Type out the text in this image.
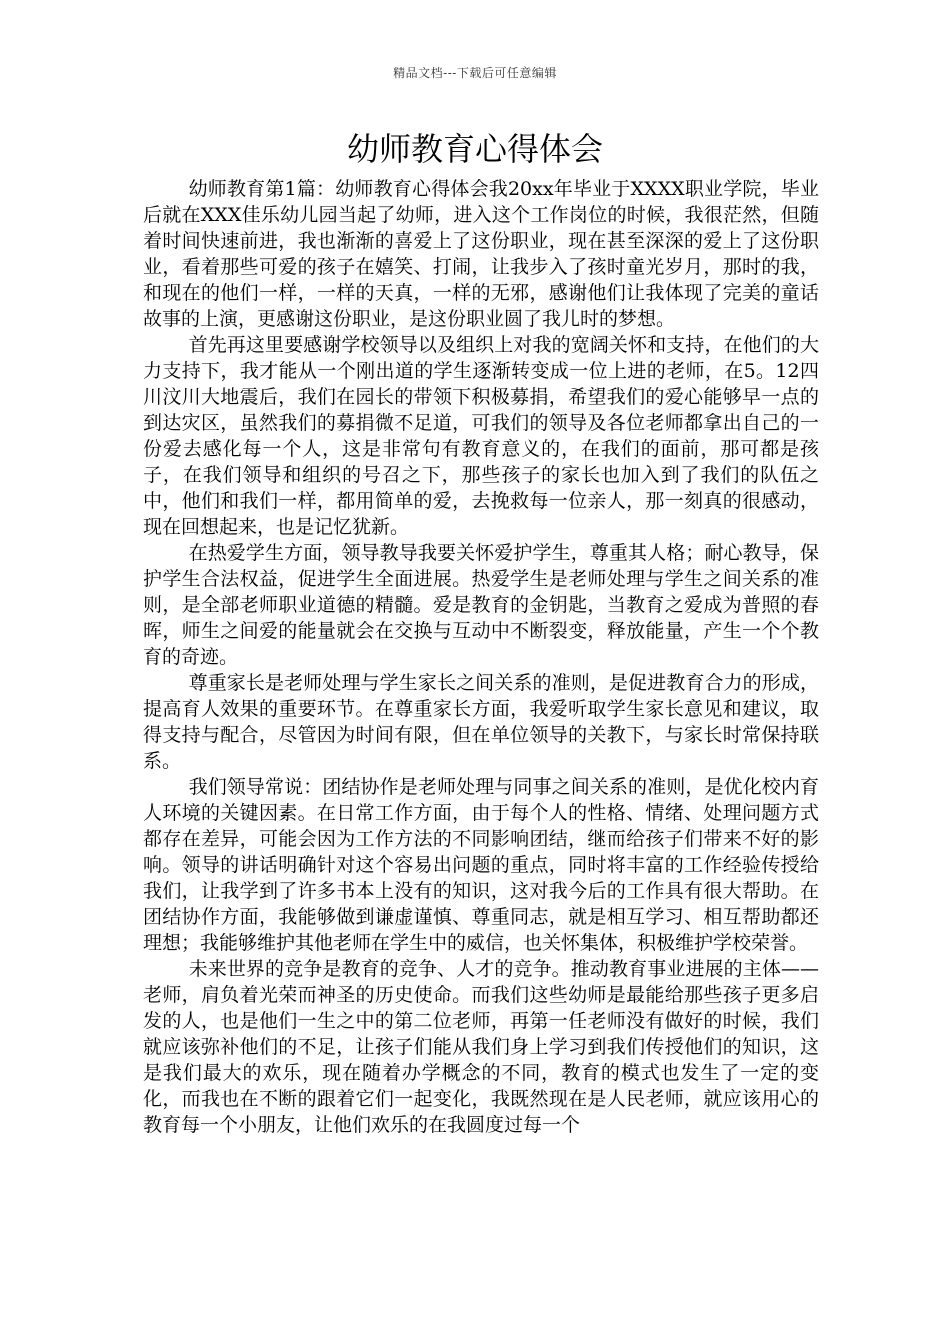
精品文档---下载后可任意编辑
幼师教育心得体会

幼师教育第1篇：幼师教育心得体会我20xx年毕业于XXXX职业学院，毕业后就在XXX佳乐幼儿园当起了幼师，进入这个工作岗位的时候，我很茫然，但随着时间快速前进，我也渐渐的喜爱上了这份职业，现在甚至深深的爱上了这份职业，看着那些可爱的孩子在嬉笑、打闹，让我步入了孩时童光岁月，那时的我，和现在的他们一样，一样的天真，一样的无邪，感谢他们让我体现了完美的童话故事的上演，更感谢这份职业，是这份职业圆了我儿时的梦想。

首先再这里要感谢学校领导以及组织上对我的宽阔关怀和支持，在他们的大力支持下，我才能从一个刚出道的学生逐渐转变成一位上进的老师，在5。12四川汶川大地震后，我们在园长的带领下积极募捐，希望我们的爱心能够早一点的到达灾区，虽然我们的募捐微不足道，可我们的领导及各位老师都拿出自己的一份爱去感化每一个人，这是非常句有教育意义的，在我们的面前，那可都是孩子，在我们领导和组织的号召之下，那些孩子的家长也加入到了我们的队伍之中，他们和我们一样，都用简单的爱，去挽救每一位亲人，那一刻真的很感动，现在回想起来，也是记忆犹新。

在热爱学生方面，领导教导我要关怀爱护学生，尊重其人格；耐心教导，保护学生合法权益，促进学生全面进展。热爱学生是老师处理与学生之间关系的准则，是全部老师职业道德的精髓。爱是教育的金钥匙，当教育之爱成为普照的春晖，师生之间爱的能量就会在交换与互动中不断裂变，释放能量，产生一个个教育的奇迹。

尊重家长是老师处理与学生家长之间关系的准则，是促进教育合力的形成，提高育人效果的重要环节。在尊重家长方面，我爱听取学生家长意见和建议，取得支持与配合，尽管因为时间有限，但在单位领导的关教下，与家长时常保持联系。

我们领导常说：团结协作是老师处理与同事之间关系的准则，是优化校内育人环境的关键因素。在日常工作方面，由于每个人的性格、情绪、处理问题方式都存在差异，可能会因为工作方法的不同影响团结，继而给孩子们带来不好的影响。领导的讲话明确针对这个容易出问题的重点，同时将丰富的工作经验传授给我们，让我学到了许多书本上没有的知识，这对我今后的工作具有很大帮助。在团结协作方面，我能够做到谦虚谨慎、尊重同志，就是相互学习、相互帮助都还理想；我能够维护其他老师在学生中的威信，也关怀集体，积极维护学校荣誉。

未来世界的竞争是教育的竞争、人才的竞争。推动教育事业进展的主体——老师，肩负着光荣而神圣的历史使命。而我们这些幼师是最能给那些孩子更多启发的人，也是他们一生之中的第二位老师，再第一任老师没有做好的时候，我们就应该弥补他们的不足，让孩子们能从我们身上学习到我们传授他们的知识，这是我们最大的欢乐，现在随着办学概念的不同，教育的模式也发生了一定的变化，而我也在不断的跟着它们一起变化，我既然现在是人民老师，就应该用心的教育每一个小朋友，让他们欢乐的在我圆度过每一个
